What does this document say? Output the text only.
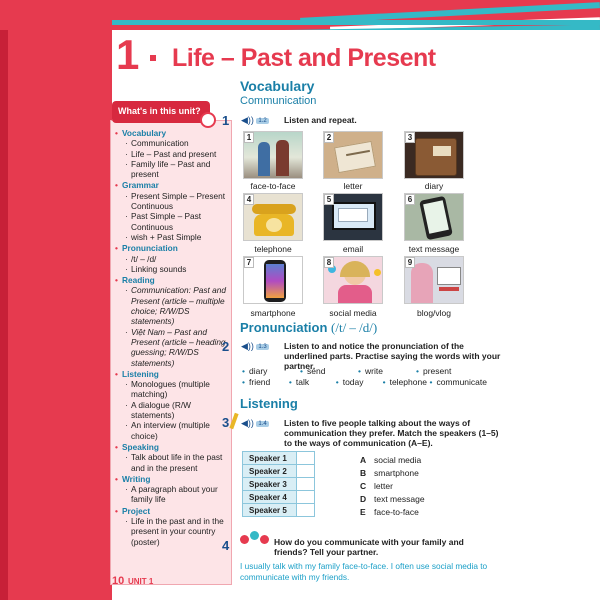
1 Life – Past and Present
What's in this unit?
• Vocabulary
· Communication
· Life – Past and present
· Family life – Past and present
• Grammar
· Present Simple – Present Continuous
· Past Simple – Past Continuous
· wish + Past Simple
• Pronunciation
· /t/ – /d/
· Linking sounds
• Reading
· Communication: Past and Present (article – multiple choice; R/W/DS statements)
· Việt Nam – Past and Present (article – heading guessing; R/W/DS statements)
• Listening
· Monologues (multiple matching)
· A dialogue (R/W statements)
· An interview (multiple choice)
• Speaking
· Talk about life in the past and in the present
• Writing
· A paragraph about your family life
• Project
· Life in the past and in the present in your country (poster)
10 UNIT 1
Vocabulary
Communication
1 ◀)) 1.2 Listen and repeat.
1
face-to-face
2
letter
3
diary
4
telephone
5
email
6
text message
7
smartphone
8
social media
9
blog/vlog
Pronunciation (/t/ – /d/)
2 ◀)) 1.3 Listen to and notice the pronunciation of the underlined parts. Practise saying the words with your partner.
• diary	• send	• write	• present
• friend	• talk	• today	• telephone	• communicate
Listening
3 ◀)) 1.4 Listen to five people talking about the ways of communication they prefer. Match the speakers (1–5) to the ways of communication (A–E).
Speaker 1	
Speaker 2	
Speaker 3	
Speaker 4	
Speaker 5	
A social media
B smartphone
C letter
D text message
E face-to-face
4	How do you communicate with your family and friends? Tell your partner.
I usually talk with my family face-to-face. I often use social media to communicate with my friends.
